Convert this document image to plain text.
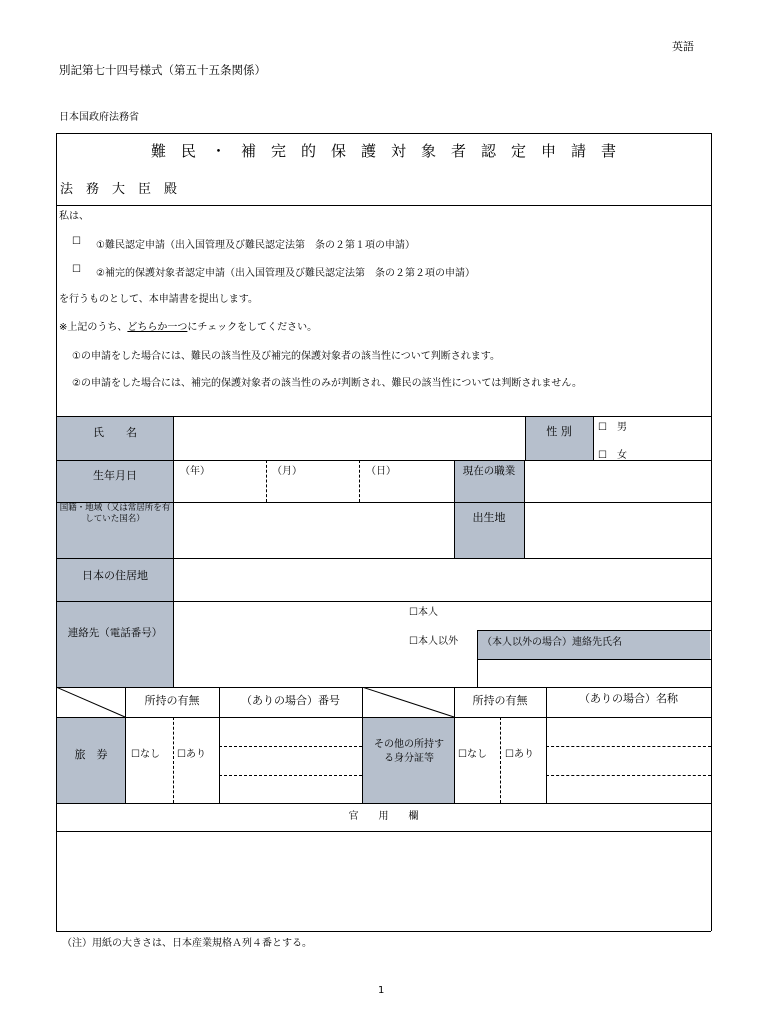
英語
別記第七十四号様式（第五十五条関係）
日本国政府法務省
難　民　・　補　完　的　保　護　対　象　者　認　定　申　請　書
法　務　大　臣　殿
私は、
☐ ①難民認定申請（出入国管理及び難民認定法第　条の２第１項の申請）
☐ ②補完的保護対象者認定申請（出入国管理及び難民認定法第　条の２第２項の申請）
を行うものとして、本申請書を提出します。
※上記のうち、どちらか一つにチェックをしてください。
①の申請をした場合には、難民の該当性及び補完的保護対象者の該当性について判断されます。
②の申請をした場合には、補完的保護対象者の該当性のみが判断され、難民の該当性については判断されません。
氏　　名	性 別	☐　男
☐　女
生年月日	（年）	（月）	（日）	現在の職業
国籍・地域（又は常居所を有していた国名）	出生地
日本の住居地
連絡先（電話番号）
☐本人
☐本人以外 （本人以外の場合）連絡先氏名
所持の有無	（ありの場合）番号	所持の有無	（ありの場合）名称
旅　券	☐なし ☐あり
その他の所持する身分証等	☐なし ☐あり
官　　用　　欄
（注）用紙の大きさは、日本産業規格Ａ列４番とする。
1
